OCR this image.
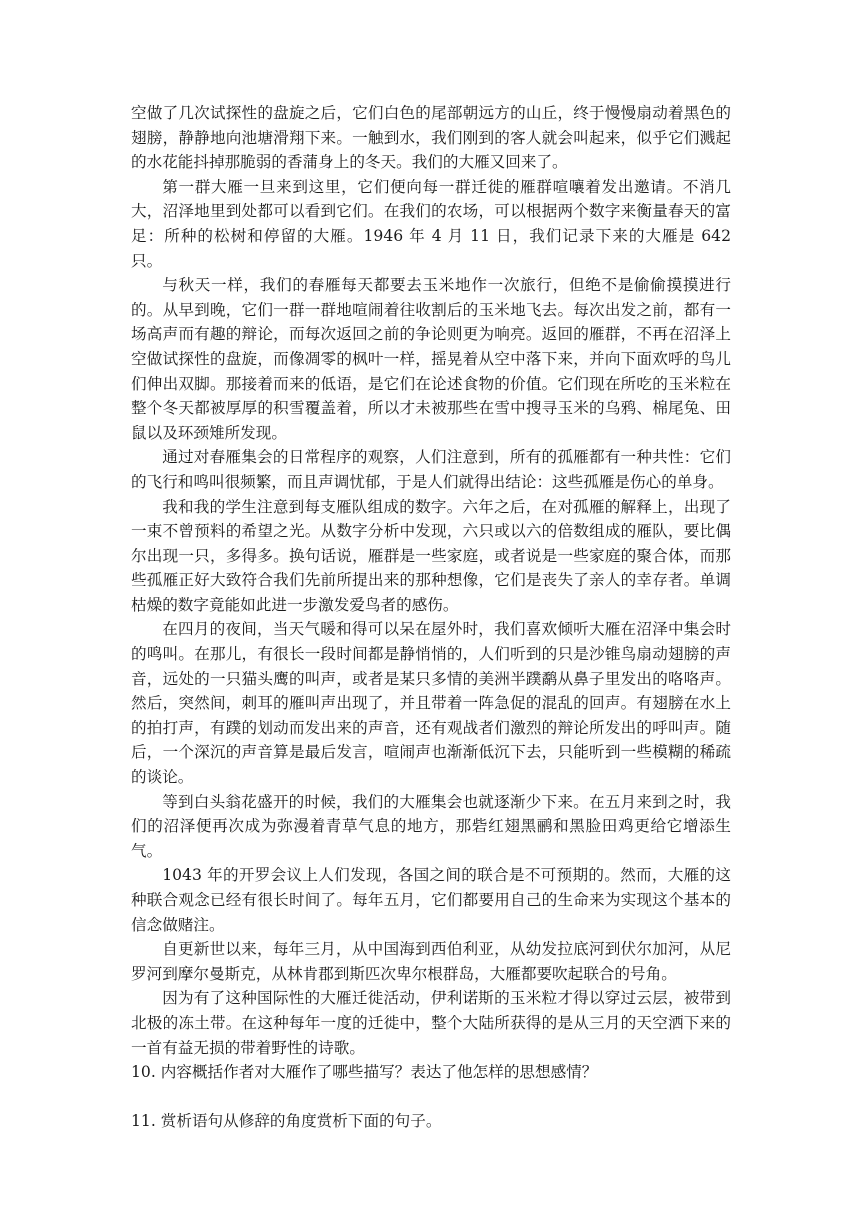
空做了几次试探性的盘旋之后，它们白色的尾部朝远方的山丘，终于慢慢扇动着黑色的翅膀，静静地向池塘滑翔下来。一触到水，我们刚到的客人就会叫起来，似乎它们溅起的水花能抖掉那脆弱的香蒲身上的冬天。我们的大雁又回来了。

第一群大雁一旦来到这里，它们便向每一群迁徙的雁群喧嚷着发出邀请。不消几大，沼泽地里到处都可以看到它们。在我们的农场，可以根据两个数字来衡量春天的富足：所种的松树和停留的大雁。1946 年 4 月 11 日，我们记录下来的大雁是 642 只。

与秋天一样，我们的春雁每天都要去玉米地作一次旅行，但绝不是偷偷摸摸进行的。从早到晚，它们一群一群地喧闹着往收割后的玉米地飞去。每次出发之前，都有一场高声而有趣的辩论，而每次返回之前的争论则更为响亮。返回的雁群，不再在沼泽上空做试探性的盘旋，而像凋零的枫叶一样，摇晃着从空中落下来，并向下面欢呼的鸟儿们伸出双脚。那接着而来的低语，是它们在论述食物的价值。它们现在所吃的玉米粒在整个冬天都被厚厚的积雪覆盖着，所以才未被那些在雪中搜寻玉米的乌鸦、棉尾兔、田鼠以及环颈雉所发现。

通过对春雁集会的日常程序的观察，人们注意到，所有的孤雁都有一种共性：它们的飞行和鸣叫很频繁，而且声调忧郁，于是人们就得出结论：这些孤雁是伤心的单身。

我和我的学生注意到每支雁队组成的数字。六年之后，在对孤雁的解释上，出现了一束不曾预料的希望之光。从数字分析中发现，六只或以六的倍数组成的雁队，要比偶尔出现一只，多得多。换句话说，雁群是一些家庭，或者说是一些家庭的聚合体，而那些孤雁正好大致符合我们先前所提出来的那种想像，它们是丧失了亲人的幸存者。单调枯燥的数字竟能如此进一步激发爱鸟者的感伤。

在四月的夜间，当天气暖和得可以呆在屋外时，我们喜欢倾听大雁在沼泽中集会时的鸣叫。在那儿，有很长一段时间都是静悄悄的，人们听到的只是沙锥鸟扇动翅膀的声音，远处的一只猫头鹰的叫声，或者是某只多情的美洲半蹼鹬从鼻子里发出的咯咯声。然后，突然间，刺耳的雁叫声出现了，并且带着一阵急促的混乱的回声。有翅膀在水上的拍打声，有蹼的划动而发出来的声音，还有观战者们激烈的辩论所发出的呼叫声。随后，一个深沉的声音算是最后发言，喧闹声也渐渐低沉下去，只能听到一些模糊的稀疏的谈论。

等到白头翁花盛开的时候，我们的大雁集会也就逐渐少下来。在五月来到之时，我们的沼泽便再次成为弥漫着青草气息的地方，那砦红翅黑鹂和黑脸田鸡更给它增添生气。

1043 年的开罗会议上人们发现，各国之间的联合是不可预期的。然而，大雁的这种联合观念已经有很长时间了。每年五月，它们都要用自己的生命来为实现这个基本的信念做赌注。

自更新世以来，每年三月，从中国海到西伯利亚，从幼发拉底河到伏尔加河，从尼罗河到摩尔曼斯克，从林肯郡到斯匹次卑尔根群岛，大雁都要吹起联合的号角。

因为有了这种国际性的大雁迁徙活动，伊利诺斯的玉米粒才得以穿过云层，被带到北极的冻土带。在这种每年一度的迁徙中，整个大陆所获得的是从三月的天空洒下来的一首有益无损的带着野性的诗歌。

10. 内容概括作者对大雁作了哪些描写？表达了他怎样的思想感情？

11. 赏析语句从修辞的角度赏析下面的句子。
